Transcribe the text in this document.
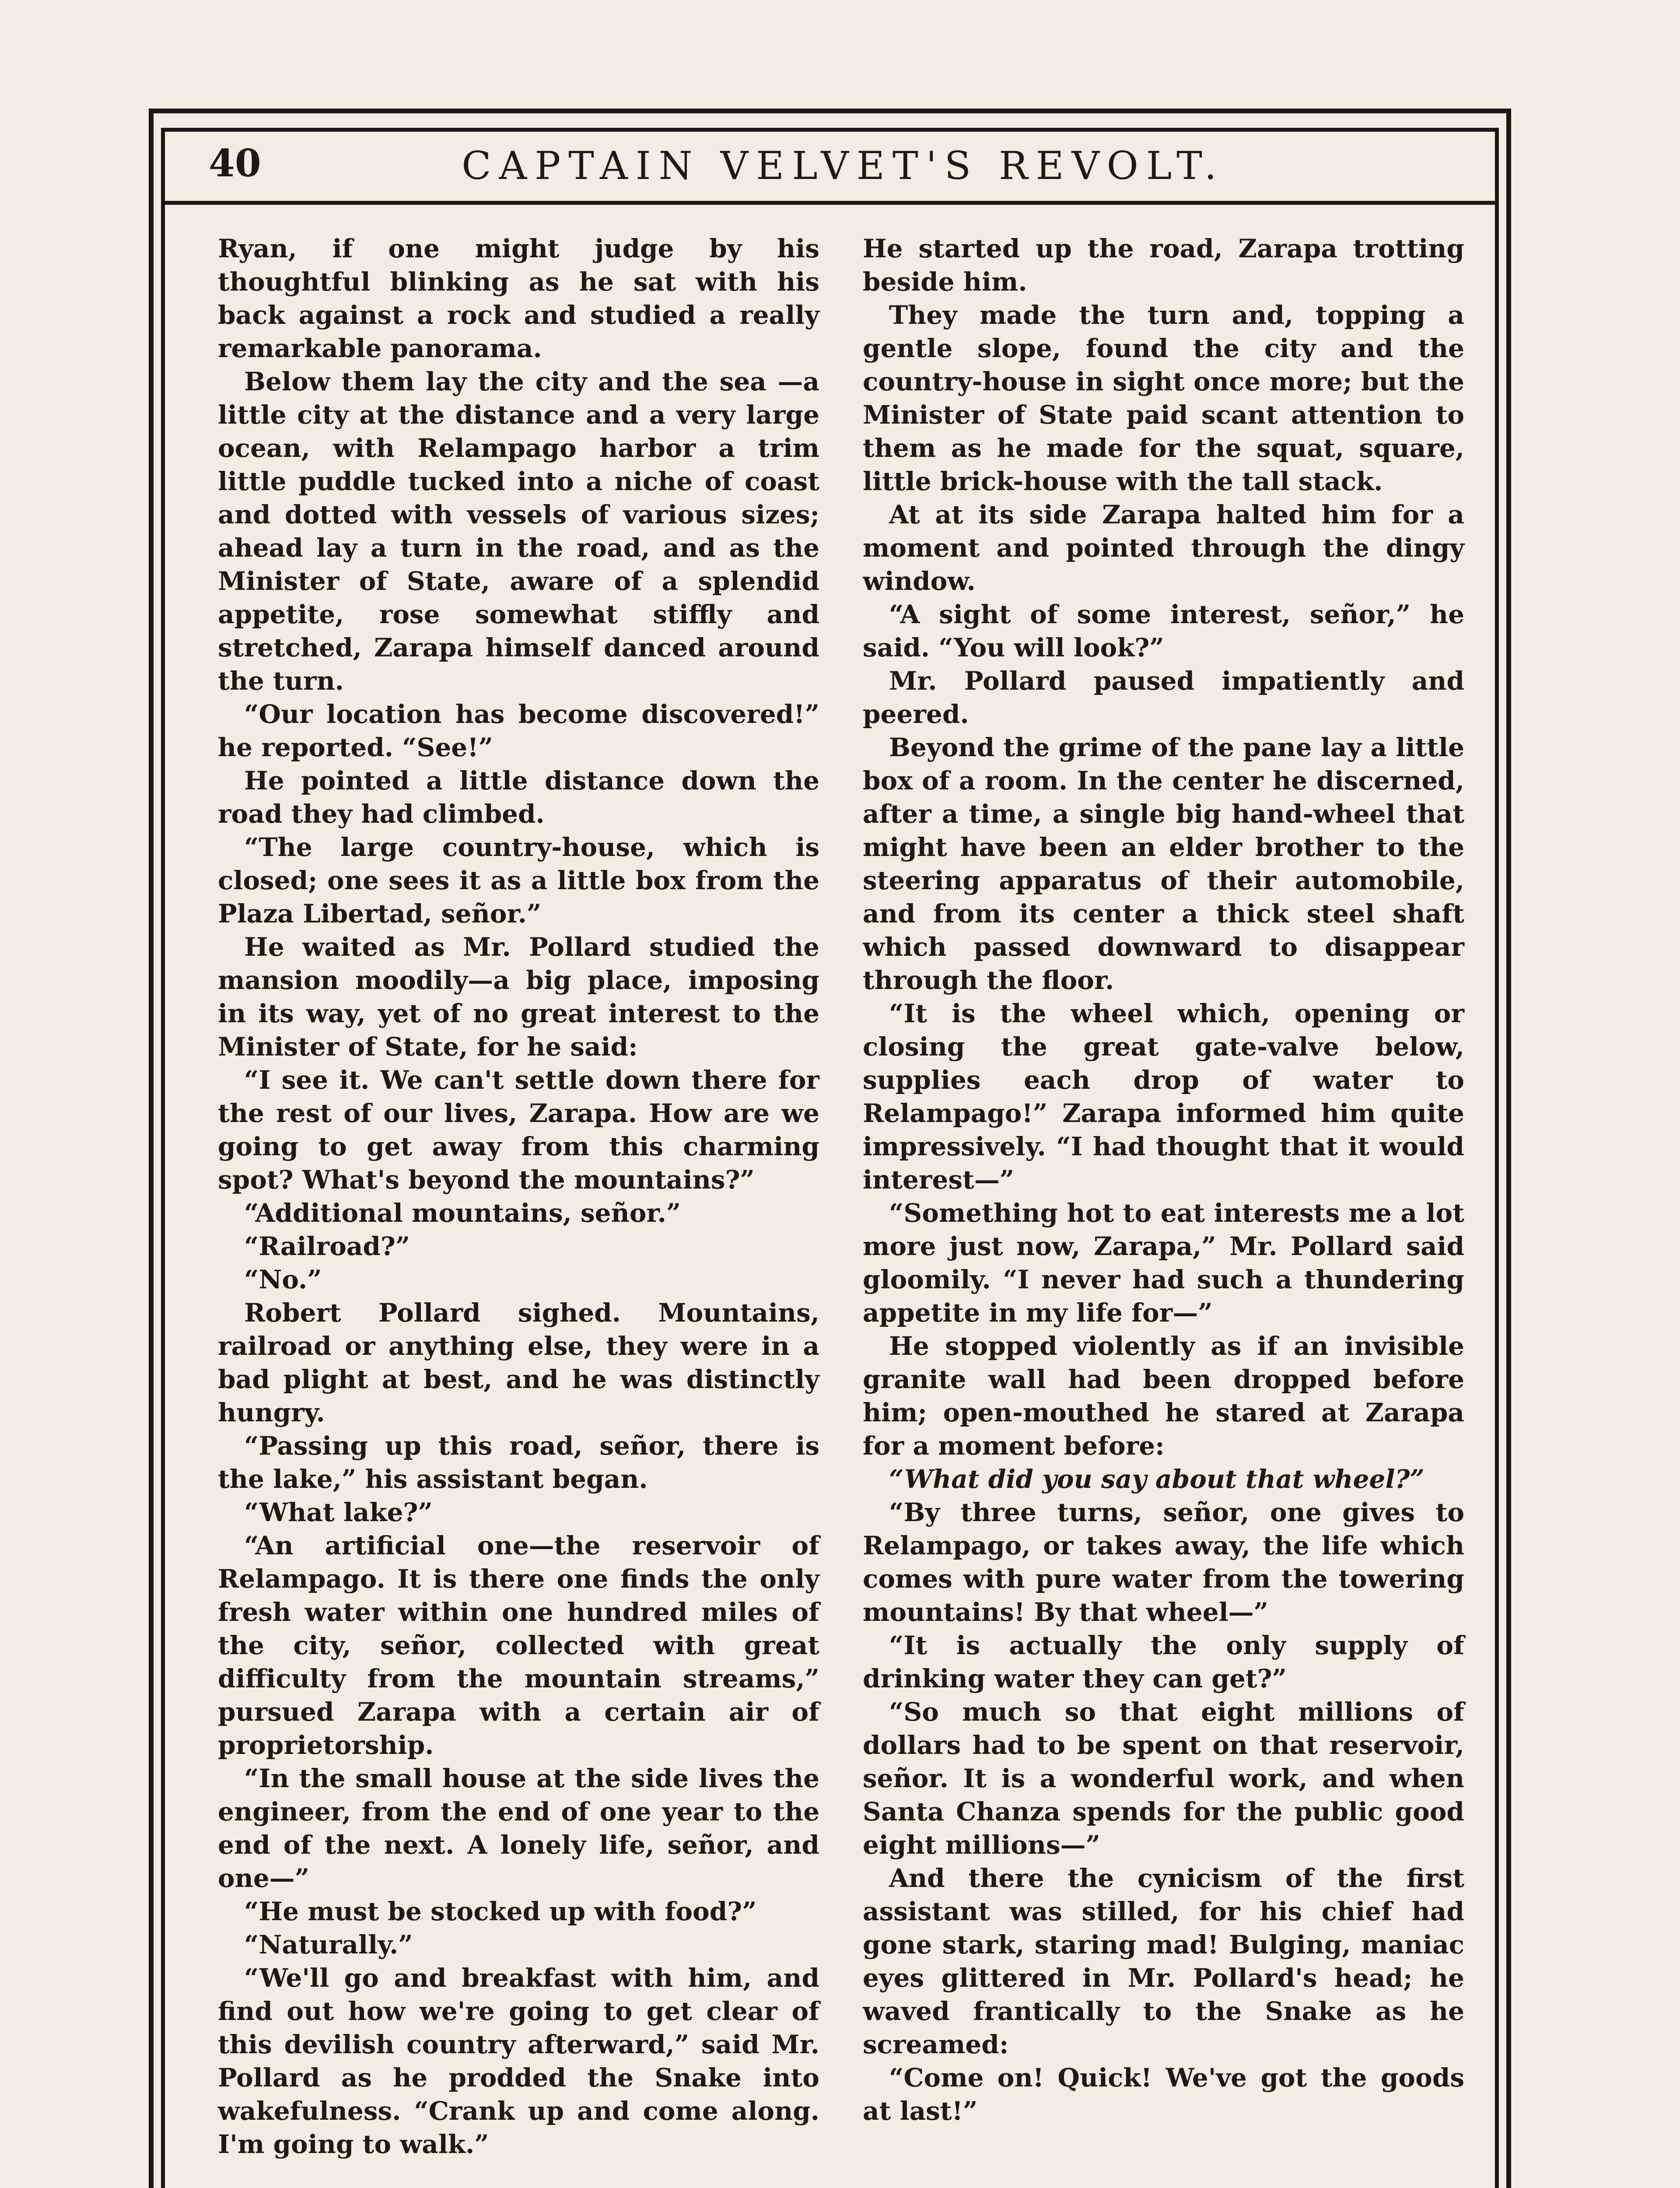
40	CAPTAIN VELVET'S REVOLT.

Ryan, if one might judge by his thoughtful blinking as he sat with his back against a rock and studied a really remarkable panorama.

Below them lay the city and the sea —a little city at the distance and a very large ocean, with Relampago harbor a trim little puddle tucked into a niche of coast and dotted with vessels of various sizes; ahead lay a turn in the road, and as the Minister of State, aware of a splendid appetite, rose somewhat stiffly and stretched, Zarapa himself danced around the turn.

“Our location has become discovered!” he reported. “See!”

He pointed a little distance down the road they had climbed.

“The large country-house, which is closed; one sees it as a little box from the Plaza Libertad, señor.”

He waited as Mr. Pollard studied the mansion moodily—a big place, imposing in its way, yet of no great interest to the Minister of State, for he said:

“I see it. We can't settle down there for the rest of our lives, Zarapa. How are we going to get away from this charming spot? What's beyond the mountains?”

“Additional mountains, señor.”

“Railroad?”

“No.”

Robert Pollard sighed. Mountains, railroad or anything else, they were in a bad plight at best, and he was distinctly hungry.

“Passing up this road, señor, there is the lake,” his assistant began.

“What lake?”

“An artificial one—the reservoir of Relampago. It is there one finds the only fresh water within one hundred miles of the city, señor, collected with great difficulty from the mountain streams,” pursued Zarapa with a certain air of proprietorship.

“In the small house at the side lives the engineer, from the end of one year to the end of the next. A lonely life, señor, and one—”

“He must be stocked up with food?”

“Naturally.”

“We'll go and breakfast with him, and find out how we're going to get clear of this devilish country afterward,” said Mr. Pollard as he prodded the Snake into wakefulness. “Crank up and come along. I'm going to walk.”

He started up the road, Zarapa trotting beside him.

They made the turn and, topping a gentle slope, found the city and the country-house in sight once more; but the Minister of State paid scant attention to them as he made for the squat, square, little brick-house with the tall stack.

At at its side Zarapa halted him for a moment and pointed through the dingy window.

“A sight of some interest, señor,” he said. “You will look?”

Mr. Pollard paused impatiently and peered.

Beyond the grime of the pane lay a little box of a room. In the center he discerned, after a time, a single big hand-wheel that might have been an elder brother to the steering apparatus of their automobile, and from its center a thick steel shaft which passed downward to disappear through the floor.

“It is the wheel which, opening or closing the great gate-valve below, supplies each drop of water to Relampago!” Zarapa informed him quite impressively. “I had thought that it would interest—”

“Something hot to eat interests me a lot more just now, Zarapa,” Mr. Pollard said gloomily. “I never had such a thundering appetite in my life for—”

He stopped violently as if an invisible granite wall had been dropped before him; open-mouthed he stared at Zarapa for a moment before:

“What did you say about that wheel?”

“By three turns, señor, one gives to Relampago, or takes away, the life which comes with pure water from the towering mountains! By that wheel—”

“It is actually the only supply of drinking water they can get?”

“So much so that eight millions of dollars had to be spent on that reservoir, señor. It is a wonderful work, and when Santa Chanza spends for the public good eight millions—”

And there the cynicism of the first assistant was stilled, for his chief had gone stark, staring mad! Bulging, maniac eyes glittered in Mr. Pollard's head; he waved frantically to the Snake as he screamed:

“Come on! Quick! We've got the goods at last!”
